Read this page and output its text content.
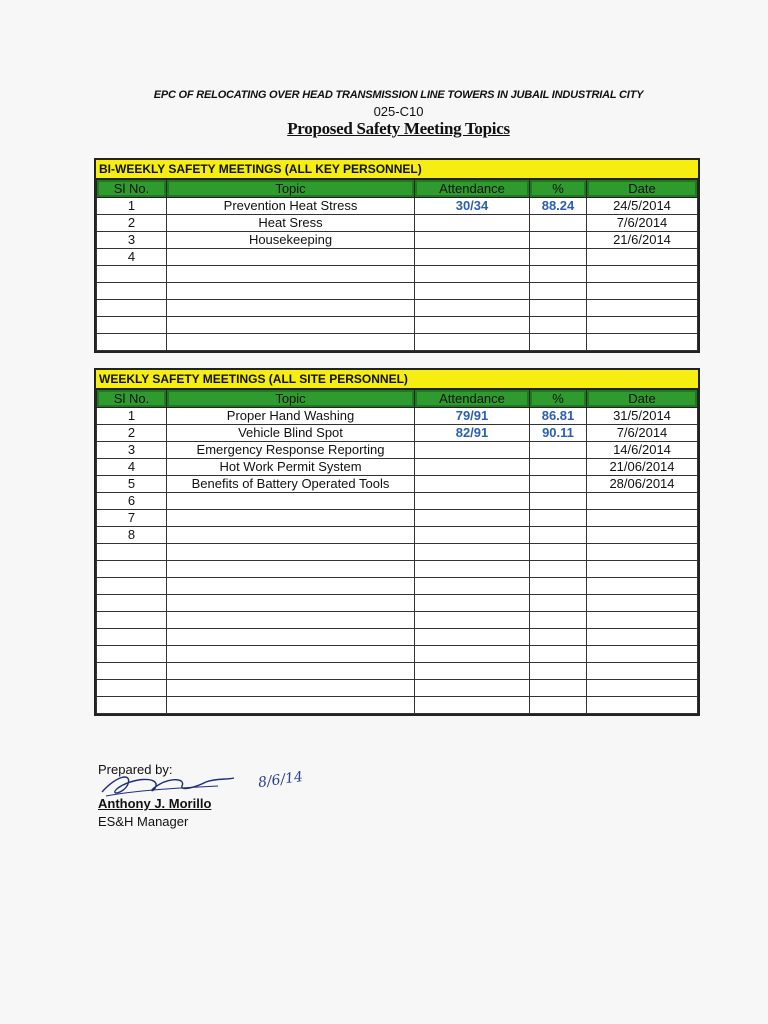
EPC OF RELOCATING OVER HEAD TRANSMISSION LINE TOWERS IN JUBAIL INDUSTRIAL CITY
025-C10
Proposed Safety Meeting Topics
BI-WEEKLY SAFETY MEETINGS (ALL KEY PERSONNEL)
Sl No.	Topic	Attendance	%	Date
1	Prevention Heat Stress	30/34	88.24	24/5/2014
2	Heat Sress			7/6/2014
3	Housekeeping			21/6/2014
4				

WEEKLY SAFETY MEETINGS (ALL SITE PERSONNEL)
Sl No.	Topic	Attendance	%	Date
1	Proper Hand Washing	79/91	86.81	31/5/2014
2	Vehicle Blind Spot	82/91	90.11	7/6/2014
3	Emergency Response Reporting			14/6/2014
4	Hot Work Permit System			21/06/2014
5	Benefits of Battery Operated Tools			28/06/2014
6				
7				
8				

Prepared by:	8/6/14
Anthony J. Morillo
ES&H Manager
